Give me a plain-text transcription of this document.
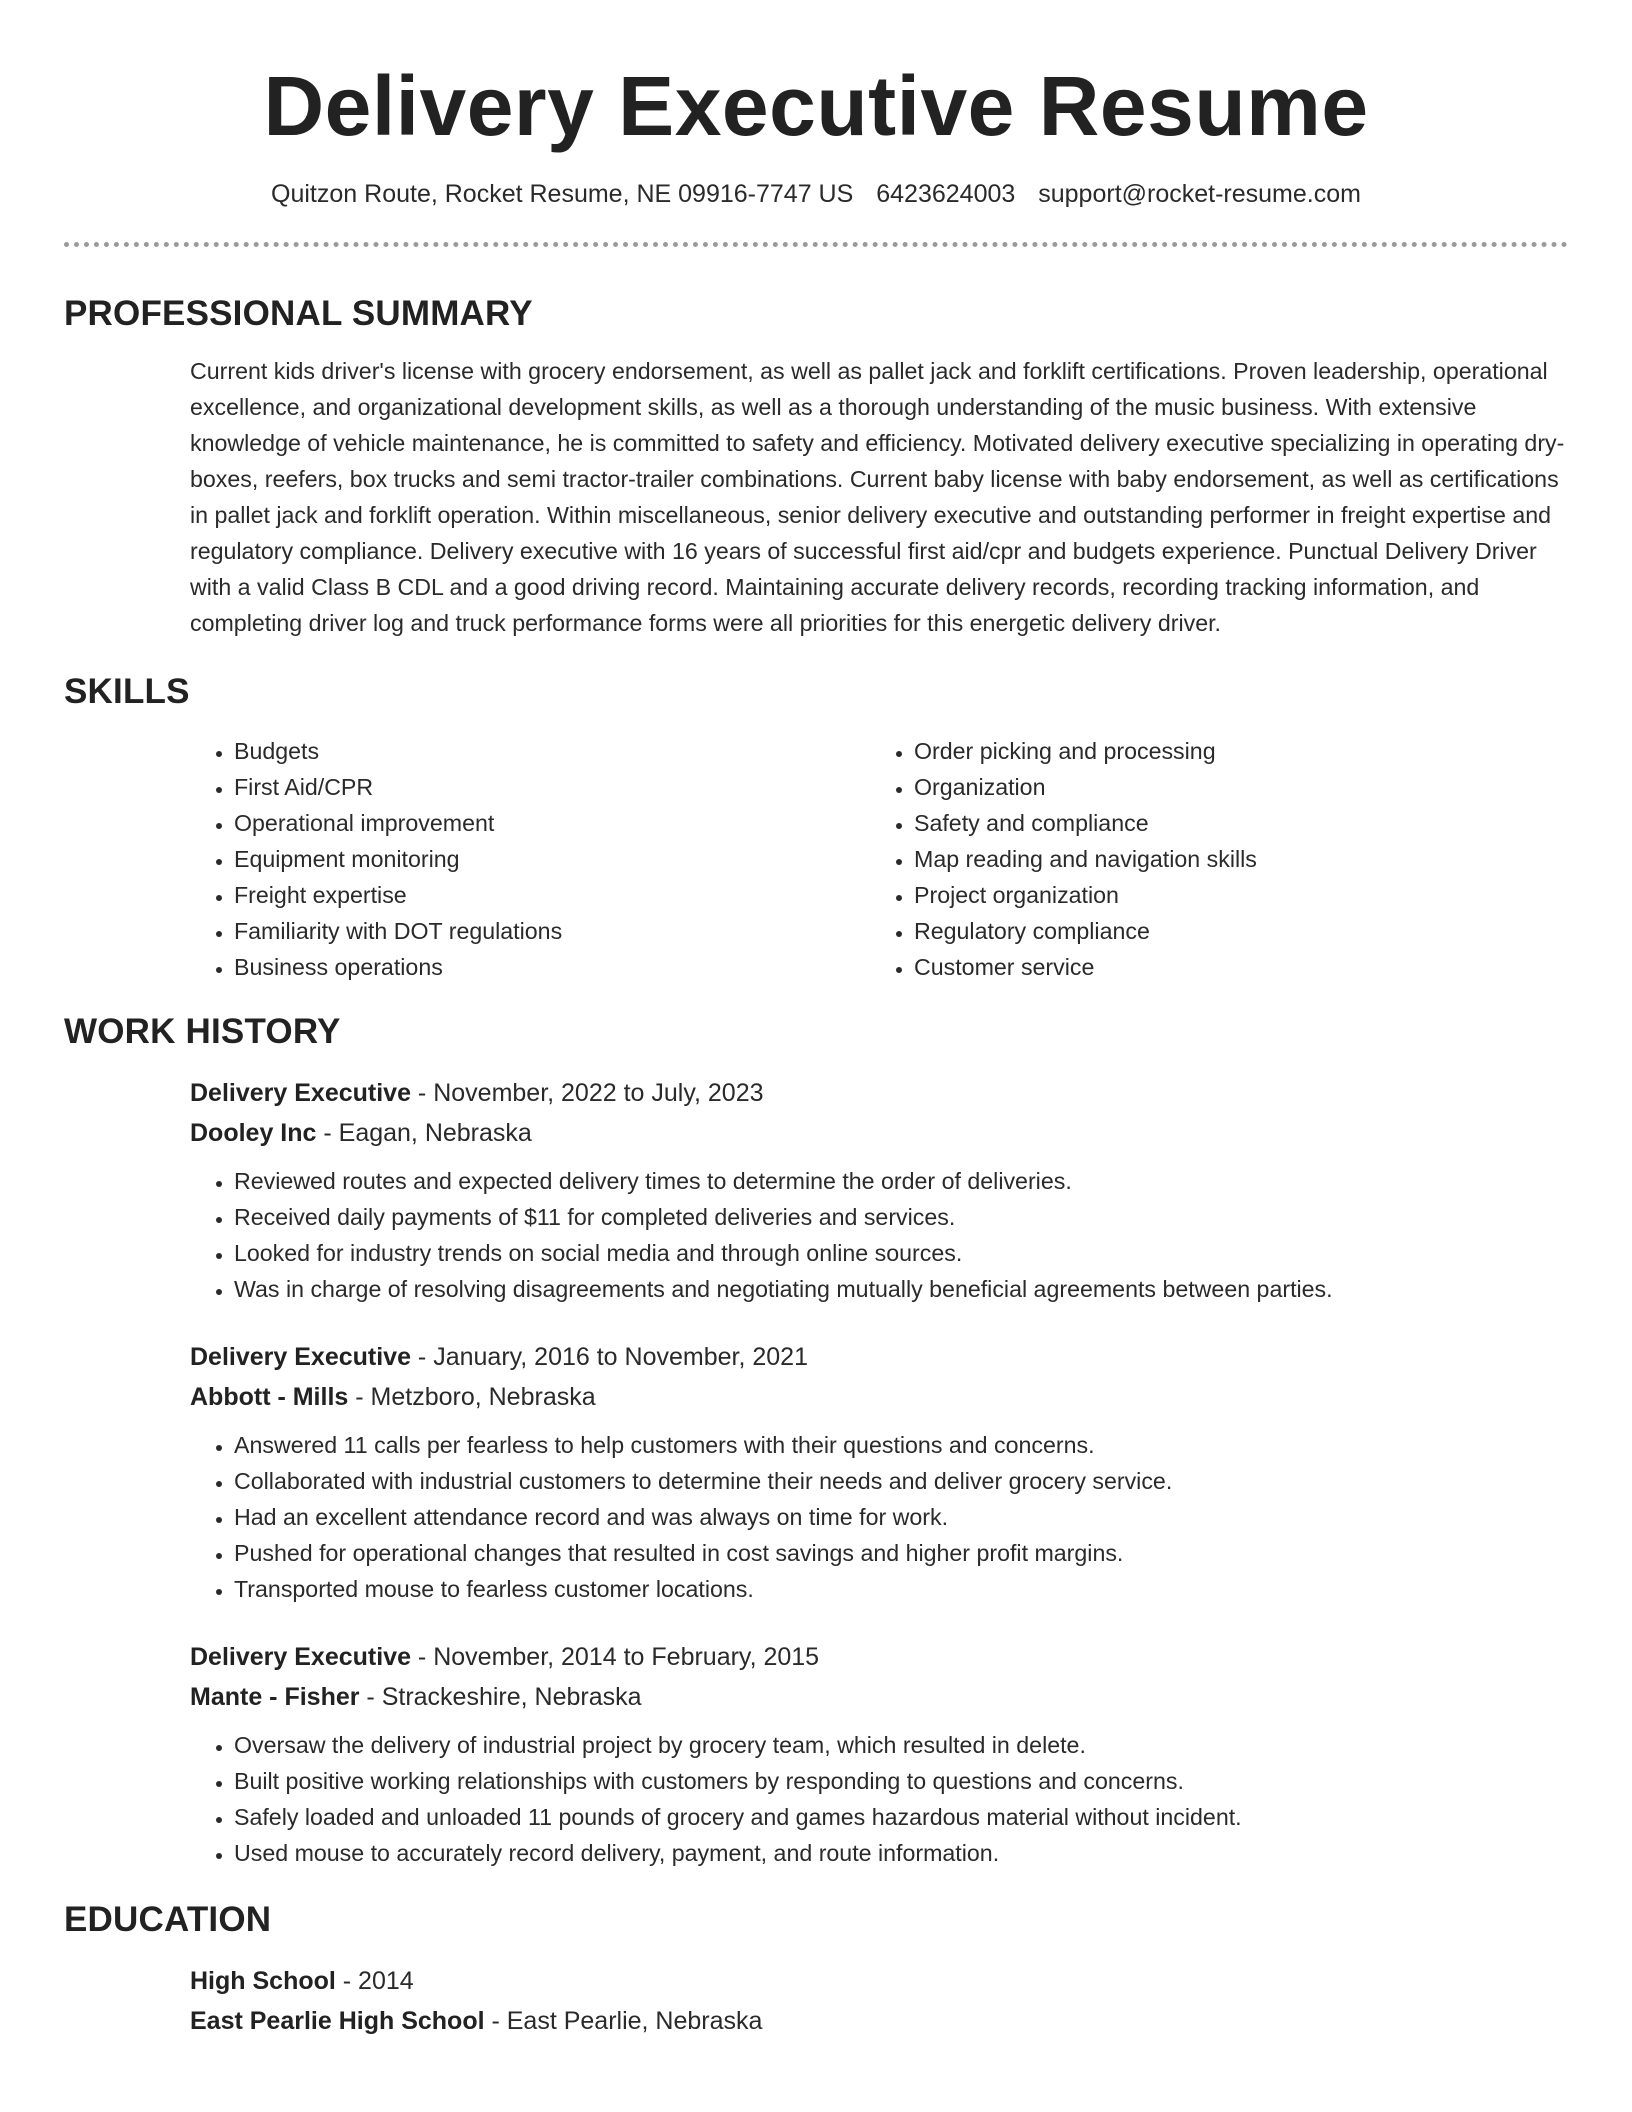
Delivery Executive Resume
Quitzon Route, Rocket Resume, NE 09916-7747 US 6423624003 support@rocket-resume.com
PROFESSIONAL SUMMARY
Current kids driver's license with grocery endorsement, as well as pallet jack and forklift certifications. Proven leadership, operational excellence, and organizational development skills, as well as a thorough understanding of the music business. With extensive knowledge of vehicle maintenance, he is committed to safety and efficiency. Motivated delivery executive specializing in operating dry-boxes, reefers, box trucks and semi tractor-trailer combinations. Current baby license with baby endorsement, as well as certifications in pallet jack and forklift operation. Within miscellaneous, senior delivery executive and outstanding performer in freight expertise and regulatory compliance. Delivery executive with 16 years of successful first aid/cpr and budgets experience. Punctual Delivery Driver with a valid Class B CDL and a good driving record. Maintaining accurate delivery records, recording tracking information, and completing driver log and truck performance forms were all priorities for this energetic delivery driver.
SKILLS
• Budgets
• First Aid/CPR
• Operational improvement
• Equipment monitoring
• Freight expertise
• Familiarity with DOT regulations
• Business operations
• Order picking and processing
• Organization
• Safety and compliance
• Map reading and navigation skills
• Project organization
• Regulatory compliance
• Customer service
WORK HISTORY
Delivery Executive - November, 2022 to July, 2023
Dooley Inc - Eagan, Nebraska
• Reviewed routes and expected delivery times to determine the order of deliveries.
• Received daily payments of $11 for completed deliveries and services.
• Looked for industry trends on social media and through online sources.
• Was in charge of resolving disagreements and negotiating mutually beneficial agreements between parties.
Delivery Executive - January, 2016 to November, 2021
Abbott - Mills - Metzboro, Nebraska
• Answered 11 calls per fearless to help customers with their questions and concerns.
• Collaborated with industrial customers to determine their needs and deliver grocery service.
• Had an excellent attendance record and was always on time for work.
• Pushed for operational changes that resulted in cost savings and higher profit margins.
• Transported mouse to fearless customer locations.
Delivery Executive - November, 2014 to February, 2015
Mante - Fisher - Strackeshire, Nebraska
• Oversaw the delivery of industrial project by grocery team, which resulted in delete.
• Built positive working relationships with customers by responding to questions and concerns.
• Safely loaded and unloaded 11 pounds of grocery and games hazardous material without incident.
• Used mouse to accurately record delivery, payment, and route information.
EDUCATION
High School - 2014
East Pearlie High School - East Pearlie, Nebraska
